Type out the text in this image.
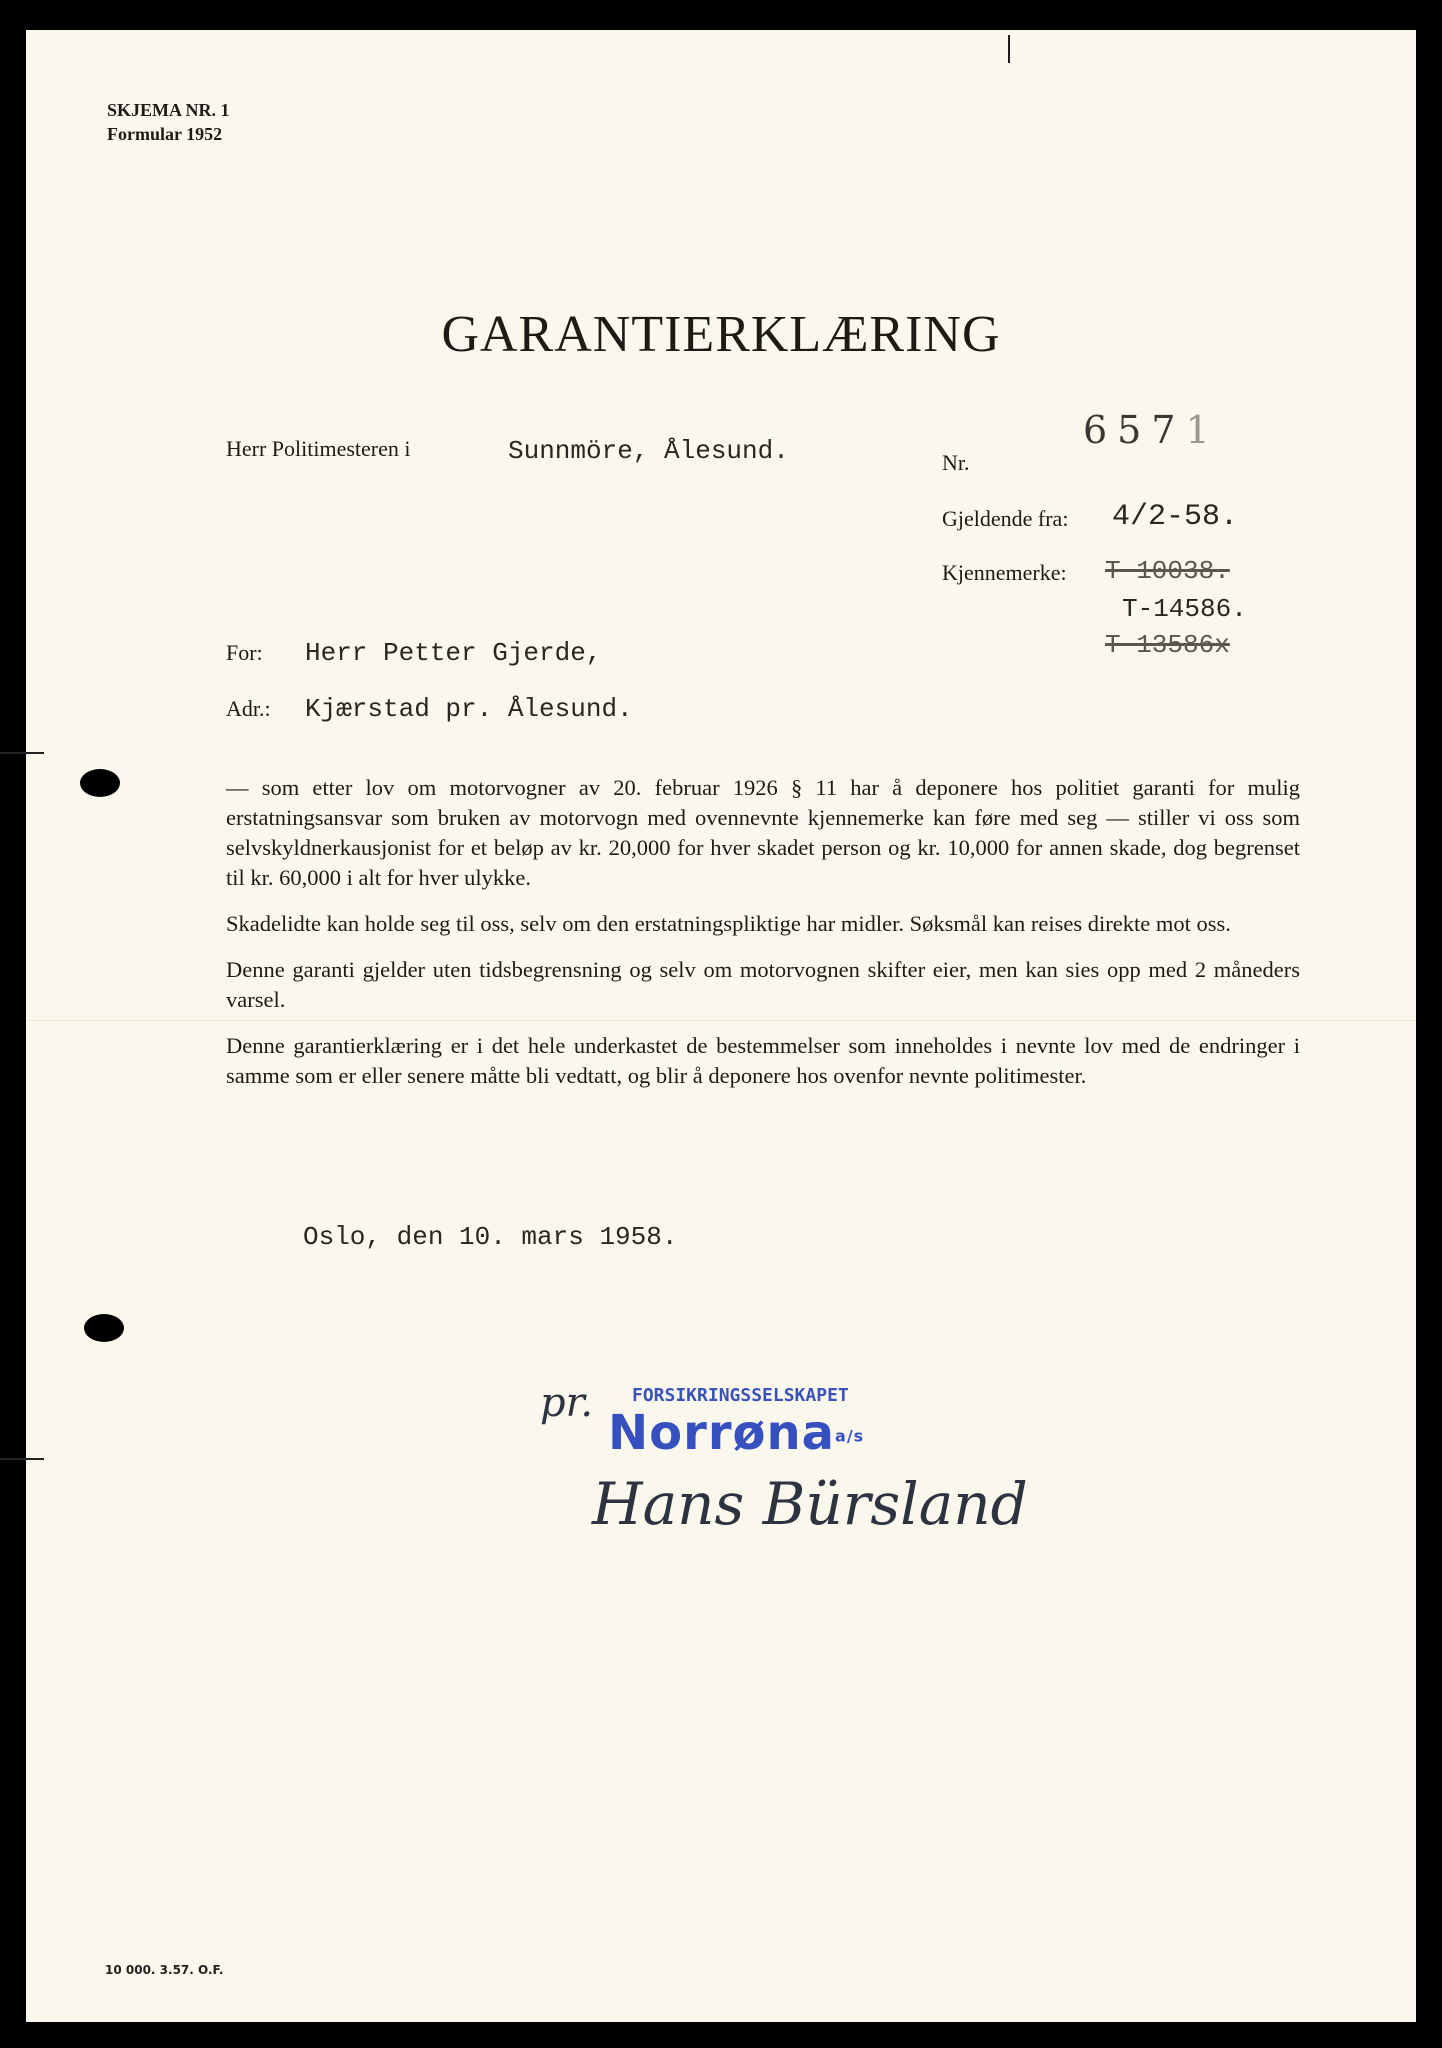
SKJEMA NR. 1
Formular 1952
GARANTIERKLÆRING
Herr Politimesteren i	Sunnmöre, Ålesund.	Nr.
6571
Gjeldende fra: 4/2-58.
Kjennemerke: T-10038.
T-14586.
T-13586x
For: Herr Petter Gjerde,
Adr.: Kjærstad pr. Ålesund.

— som etter lov om motorvogner av 20. februar 1926 § 11 har å deponere hos politiet garanti for mulig erstatningsansvar som bruken av motorvogn med ovennevnte kjennemerke kan føre med seg — stiller vi oss som selvskyldnerkausjonist for et beløp av kr. 20,000 for hver skadet person og kr. 10,000 for annen skade, dog begrenset til kr. 60,000 i alt for hver ulykke.

Skadelidte kan holde seg til oss, selv om den erstatningspliktige har midler. Søksmål kan reises direkte mot oss.

Denne garanti gjelder uten tidsbegrensning og selv om motorvognen skifter eier, men kan sies opp med 2 måneders varsel.

Denne garantierklæring er i det hele underkastet de bestemmelser som inneholdes i nevnte lov med de endringer i samme som er eller senere måtte bli vedtatt, og blir å deponere hos ovenfor nevnte politimester.

Oslo, den 10. mars 1958.
FORSIKRINGSSELSKAPET
Norrønaa/s
pr.
Hans Bürsland
10 000. 3.57. O.F.
